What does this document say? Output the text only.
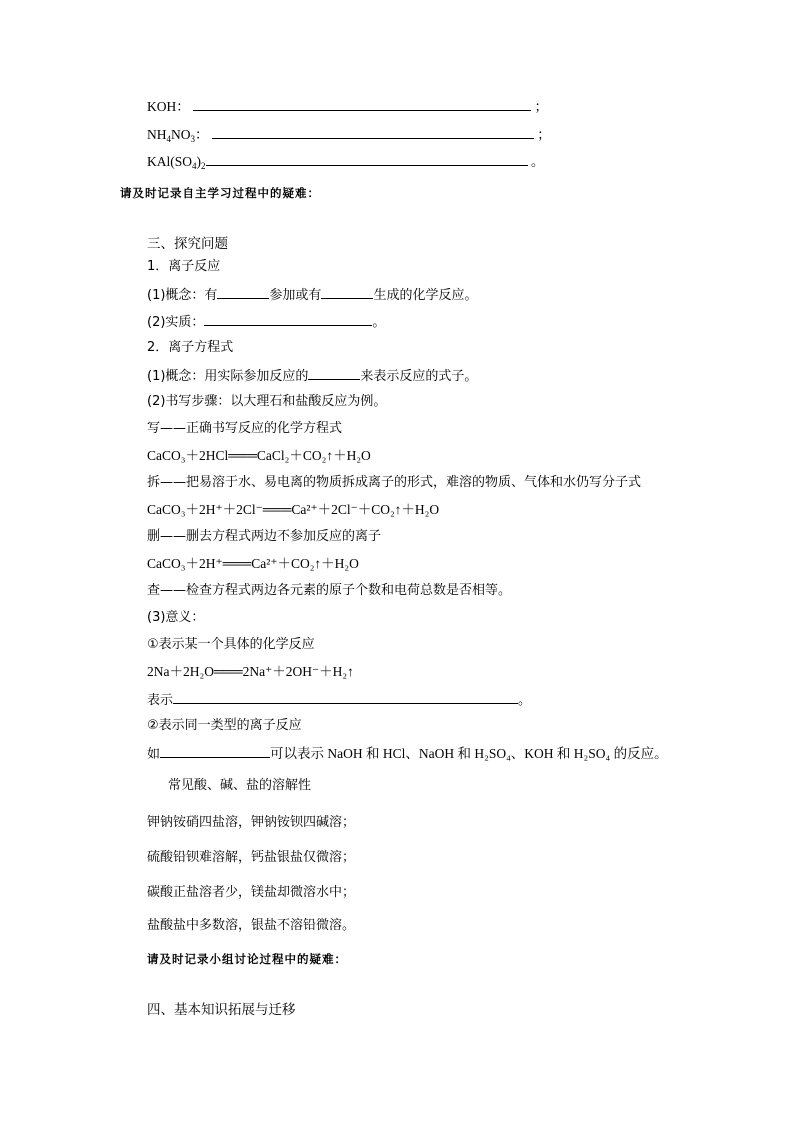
KOH：	；
$NH_4NO_3$：	；
$KAl(SO_4)_2$	。
请及时记录自主学习过程中的疑难：
三、探究问题
1．离子反应
(1)概念：有	参加或有	生成的化学反应。
(2)实质：	。
2．离子方程式
(1)概念：用实际参加反应的	来表示反应的式子。
(2)书写步骤：以大理石和盐酸反应为例。
写——正确书写反应的化学方程式
CaCO₃＋2HCl═══CaCl₂＋CO₂↑＋H₂O
拆——把易溶于水、易电离的物质拆成离子的形式，难溶的物质、气体和水仍写分子式
CaCO₃＋2H⁺＋2Cl⁻═══Ca²⁺＋2Cl⁻＋CO₂↑＋H₂O
删——删去方程式两边不参加反应的离子
CaCO₃＋2H⁺═══Ca²⁺＋CO₂↑＋H₂O
查——检查方程式两边各元素的原子个数和电荷总数是否相等。
(3)意义：
①表示某一个具体的化学反应
2Na＋2H₂O═══2Na⁺＋2OH⁻＋H₂↑
表示	。
②表示同一类型的离子反应
如	可以表示 NaOH 和 HCl、NaOH 和 H₂SO₄、KOH 和 H₂SO₄ 的反应。
常见酸、碱、盐的溶解性
钾钠铵硝四盐溶，钾钠铵钡四碱溶；
硫酸铅钡难溶解，钙盐银盐仅微溶；
碳酸正盐溶者少，镁盐却微溶水中；
盐酸盐中多数溶，银盐不溶铅微溶。
请及时记录小组讨论过程中的疑难：
四、基本知识拓展与迁移
